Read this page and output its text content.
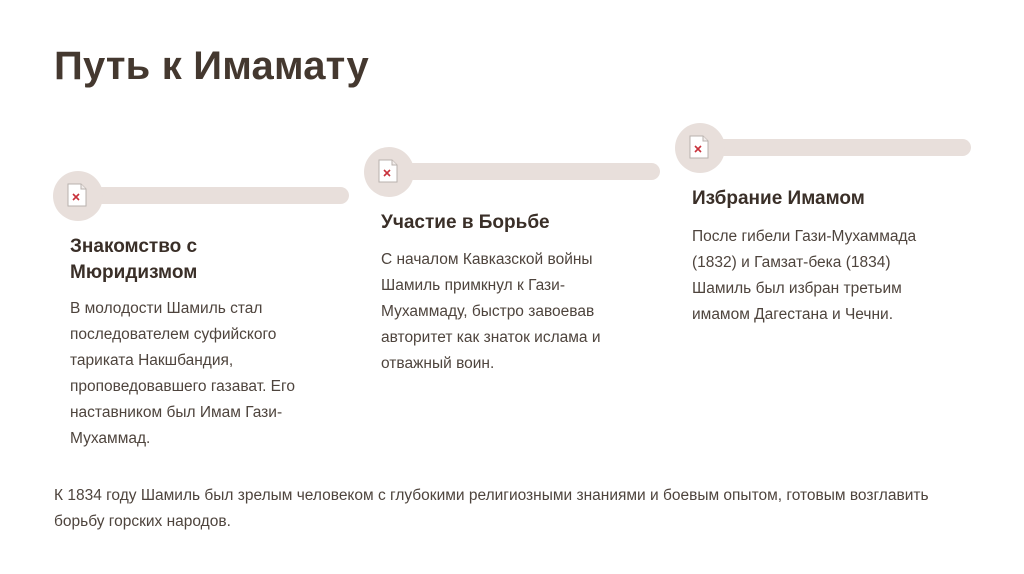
Путь к Имамату
Знакомство с Мюридизмом

В молодости Шамиль стал последователем суфийского тариката Накшбандия, проповедовавшего газават. Его наставником был Имам Гази-Мухаммад.

Участие в Борьбе

С началом Кавказской войны Шамиль примкнул к Гази-Мухаммаду, быстро завоевав авторитет как знаток ислама и отважный воин.

Избрание Имамом

После гибели Гази-Мухаммада (1832) и Гамзат-бека (1834) Шамиль был избран третьим имамом Дагестана и Чечни.

К 1834 году Шамиль был зрелым человеком с глубокими религиозными знаниями и боевым опытом, готовым возглавить борьбу горских народов.
